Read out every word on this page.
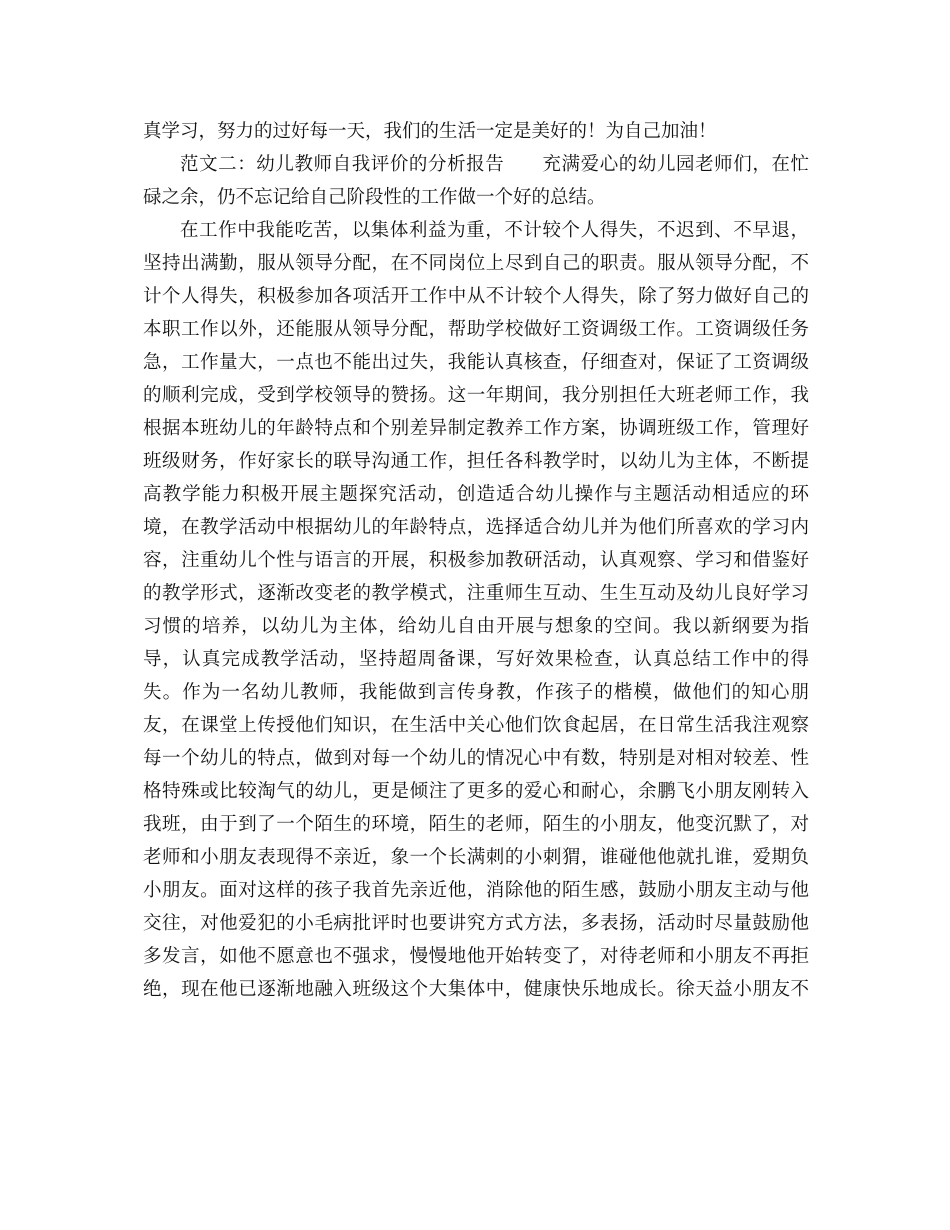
真学习，努力的过好每一天，我们的生活一定是美好的！为自己加油！
范文二：幼儿教师自我评价的分析报告　　充满爱心的幼儿园老师们，在忙
碌之余，仍不忘记给自己阶段性的工作做一个好的总结。
在工作中我能吃苦，以集体利益为重，不计较个人得失，不迟到、不早退，
坚持出满勤，服从领导分配，在不同岗位上尽到自己的职责。服从领导分配，不
计个人得失，积极参加各项活开工作中从不计较个人得失，除了努力做好自己的
本职工作以外，还能服从领导分配，帮助学校做好工资调级工作。工资调级任务
急，工作量大，一点也不能出过失，我能认真核查，仔细查对，保证了工资调级
的顺利完成，受到学校领导的赞扬。这一年期间，我分别担任大班老师工作，我
根据本班幼儿的年龄特点和个别差异制定教养工作方案，协调班级工作，管理好
班级财务，作好家长的联导沟通工作，担任各科教学时，以幼儿为主体，不断提
高教学能力积极开展主题探究活动，创造适合幼儿操作与主题活动相适应的环
境，在教学活动中根据幼儿的年龄特点，选择适合幼儿并为他们所喜欢的学习内
容，注重幼儿个性与语言的开展，积极参加教研活动，认真观察、学习和借鉴好
的教学形式，逐渐改变老的教学模式，注重师生互动、生生互动及幼儿良好学习
习惯的培养，以幼儿为主体，给幼儿自由开展与想象的空间。我以新纲要为指
导，认真完成教学活动，坚持超周备课，写好效果检查，认真总结工作中的得
失。作为一名幼儿教师，我能做到言传身教，作孩子的楷模，做他们的知心朋
友，在课堂上传授他们知识，在生活中关心他们饮食起居，在日常生活我注观察
每一个幼儿的特点，做到对每一个幼儿的情况心中有数，特别是对相对较差、性
格特殊或比较淘气的幼儿，更是倾注了更多的爱心和耐心，余鹏飞小朋友刚转入
我班，由于到了一个陌生的环境，陌生的老师，陌生的小朋友，他变沉默了，对
老师和小朋友表现得不亲近，象一个长满刺的小刺猬，谁碰他他就扎谁，爱期负
小朋友。面对这样的孩子我首先亲近他，消除他的陌生感，鼓励小朋友主动与他
交往，对他爱犯的小毛病批评时也要讲究方式方法，多表扬，活动时尽量鼓励他
多发言，如他不愿意也不强求，慢慢地他开始转变了，对待老师和小朋友不再拒
绝，现在他已逐渐地融入班级这个大集体中，健康快乐地成长。徐天益小朋友不
